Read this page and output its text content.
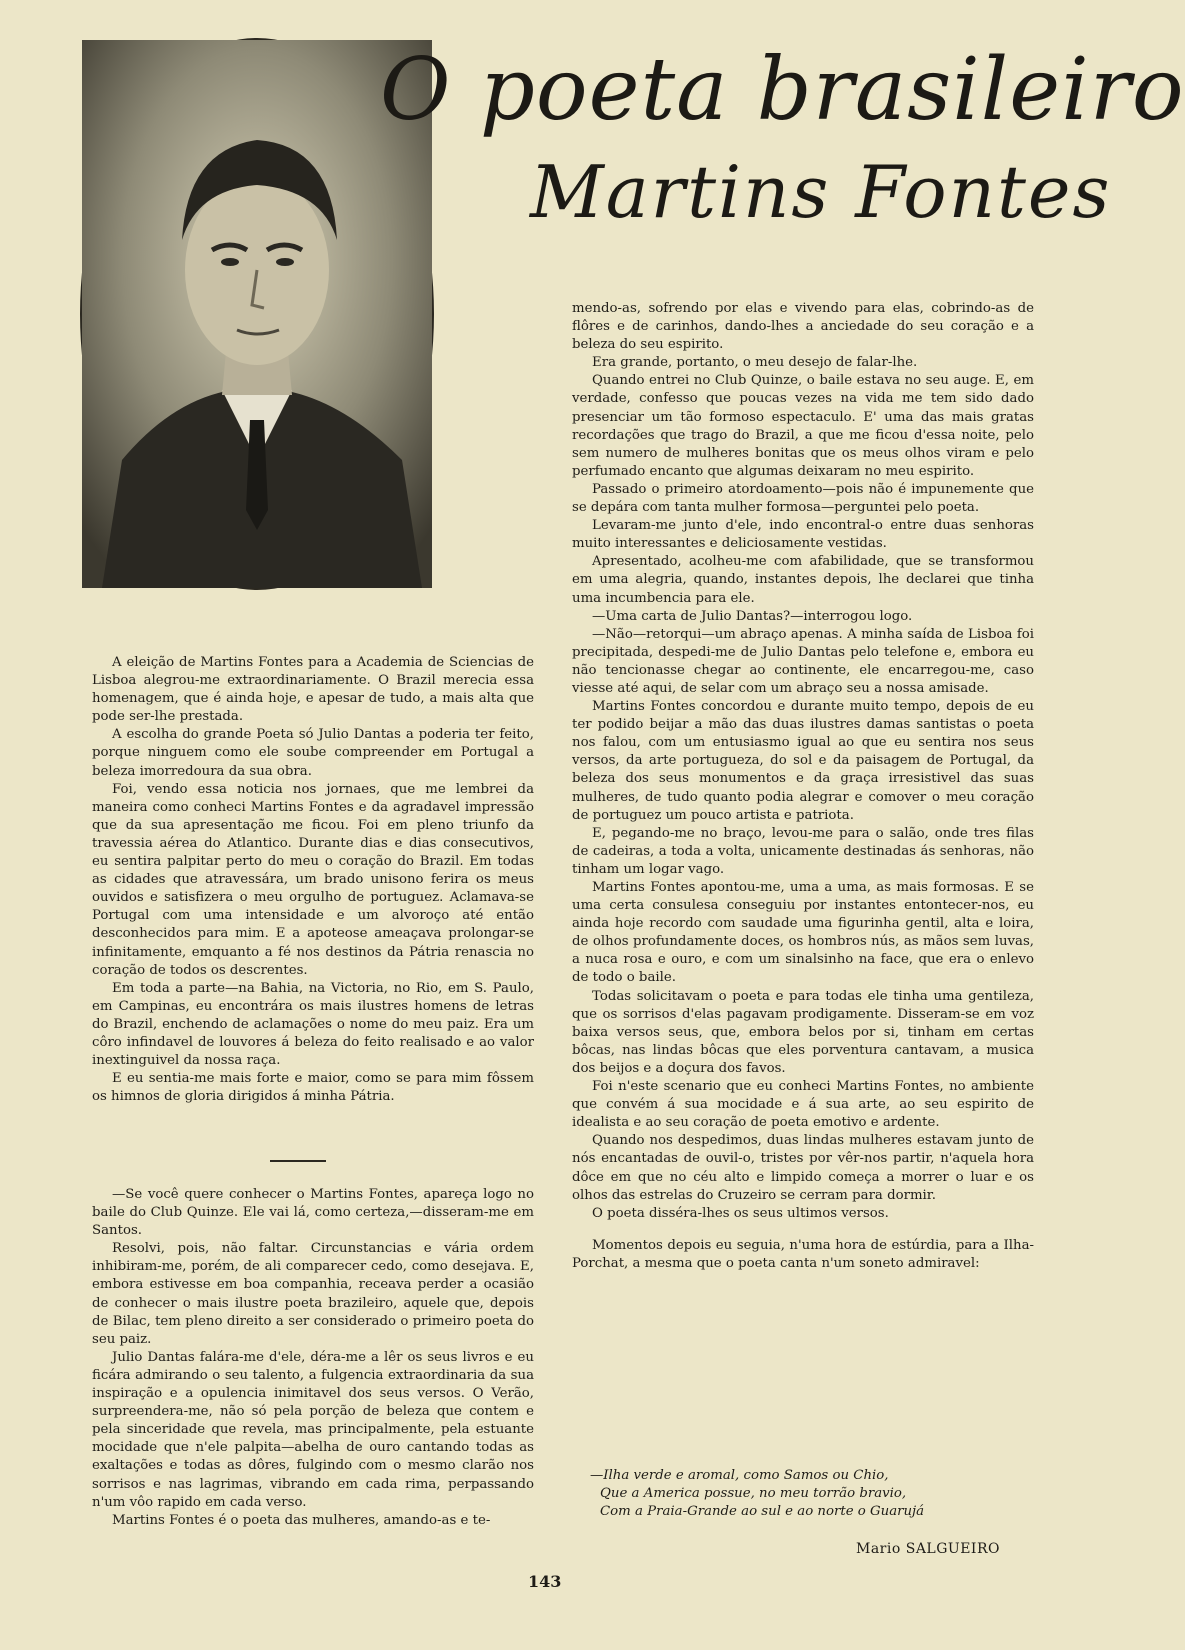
O poeta brasileiro
Martins Fontes

A eleição de Martins Fontes para a Academia de Sciencias de Lisboa alegrou-me extraordinariamente. O Brazil merecia essa homenagem, que é ainda hoje, e apesar de tudo, a mais alta que pode ser-lhe prestada.

A escolha do grande Poeta só Julio Dantas a poderia ter feito, porque ninguem como ele soube compreender em Portugal a beleza imorredoura da sua obra.

Foi, vendo essa noticia nos jornaes, que me lembrei da maneira como conheci Martins Fontes e da agradavel impressão que da sua apresentação me ficou. Foi em pleno triunfo da travessia aérea do Atlantico. Durante dias e dias consecutivos, eu sentira palpitar perto do meu o coração do Brazil. Em todas as cidades que atravessára, um brado unisono ferira os meus ouvidos e satisfizera o meu orgulho de portuguez. Aclamava-se Portugal com uma intensidade e um alvoroço até então desconhecidos para mim. E a apoteose ameaçava prolongar-se infinitamente, emquanto a fé nos destinos da Pátria renascia no coração de todos os descrentes.

Em toda a parte—na Bahia, na Victoria, no Rio, em S. Paulo, em Campinas, eu encontrára os mais ilustres homens de letras do Brazil, enchendo de aclamações o nome do meu paiz. Era um côro infindavel de louvores á beleza do feito realisado e ao valor inextinguivel da nossa raça.

E eu sentia-me mais forte e maior, como se para mim fôssem os himnos de gloria dirigidos á minha Pátria.

—Se você quere conhecer o Martins Fontes, apareça logo no baile do Club Quinze. Ele vai lá, como certeza,—disseram-me em Santos.

Resolvi, pois, não faltar. Circunstancias e vária ordem inhibiram-me, porém, de ali comparecer cedo, como desejava. E, embora estivesse em boa companhia, receava perder a ocasião de conhecer o mais ilustre poeta brazileiro, aquele que, depois de Bilac, tem pleno direito a ser considerado o primeiro poeta do seu paiz.

Julio Dantas falára-me d'ele, déra-me a lêr os seus livros e eu ficára admirando o seu talento, a fulgencia extraordinaria da sua inspiração e a opulencia inimitavel dos seus versos. O Verão, surpreendera-me, não só pela porção de beleza que contem e pela sinceridade que revela, mas principalmente, pela estuante mocidade que n'ele palpita—abelha de ouro cantando todas as exaltações e todas as dôres, fulgindo com o mesmo clarão nos sorrisos e nas lagrimas, vibrando em cada rima, perpassando n'um vôo rapido em cada verso.

Martins Fontes é o poeta das mulheres, amando-as e te-

mendo-as, sofrendo por elas e vivendo para elas, cobrindo-as de flôres e de carinhos, dando-lhes a anciedade do seu coração e a beleza do seu espirito.

Era grande, portanto, o meu desejo de falar-lhe.

Quando entrei no Club Quinze, o baile estava no seu auge. E, em verdade, confesso que poucas vezes na vida me tem sido dado presenciar um tão formoso espectaculo. E' uma das mais gratas recordações que trago do Brazil, a que me ficou d'essa noite, pelo sem numero de mulheres bonitas que os meus olhos viram e pelo perfumado encanto que algumas deixaram no meu espirito.

Passado o primeiro atordoamento—pois não é impunemente que se depára com tanta mulher formosa—perguntei pelo poeta.

Levaram-me junto d'ele, indo encontral-o entre duas senhoras muito interessantes e deliciosamente vestidas.

Apresentado, acolheu-me com afabilidade, que se transformou em uma alegria, quando, instantes depois, lhe declarei que tinha uma incumbencia para ele.

—Uma carta de Julio Dantas?—interrogou logo.

—Não—retorqui—um abraço apenas. A minha saída de Lisboa foi precipitada, despedi-me de Julio Dantas pelo telefone e, embora eu não tencionasse chegar ao continente, ele encarregou-me, caso viesse até aqui, de selar com um abraço seu a nossa amisade.

Martins Fontes concordou e durante muito tempo, depois de eu ter podido beijar a mão das duas ilustres damas santistas o poeta nos falou, com um entusiasmo igual ao que eu sentira nos seus versos, da arte portugueza, do sol e da paisagem de Portugal, da beleza dos seus monumentos e da graça irresistivel das suas mulheres, de tudo quanto podia alegrar e comover o meu coração de portuguez um pouco artista e patriota.

E, pegando-me no braço, levou-me para o salão, onde tres filas de cadeiras, a toda a volta, unicamente destinadas ás senhoras, não tinham um logar vago.

Martins Fontes apontou-me, uma a uma, as mais formosas. E se uma certa consulesa conseguiu por instantes entontecer-nos, eu ainda hoje recordo com saudade uma figurinha gentil, alta e loira, de olhos profundamente doces, os hombros nús, as mãos sem luvas, a nuca rosa e ouro, e com um sinalsinho na face, que era o enlevo de todo o baile.

Todas solicitavam o poeta e para todas ele tinha uma gentileza, que os sorrisos d'elas pagavam prodigamente. Disseram-se em voz baixa versos seus, que, embora belos por si, tinham em certas bôcas, nas lindas bôcas que eles porventura cantavam, a musica dos beijos e a doçura dos favos.

Foi n'este scenario que eu conheci Martins Fontes, no ambiente que convém á sua mocidade e á sua arte, ao seu espirito de idealista e ao seu coração de poeta emotivo e ardente.

Quando nos despedimos, duas lindas mulheres estavam junto de nós encantadas de ouvil-o, tristes por vêr-nos partir, n'aquela hora dôce em que no céu alto e limpido começa a morrer o luar e os olhos das estrelas do Cruzeiro se cerram para dormir.

O poeta disséra-lhes os seus ultimos versos.

Momentos depois eu seguia, n'uma hora de estúrdia, para a Ilha-Porchat, a mesma que o poeta canta n'um soneto admiravel:

—Ilha verde e aromal, como Samos ou Chio,
Que a America possue, no meu torrão bravio,
Com a Praia-Grande ao sul e ao norte o Guarujá
Mario SALGUEIRO
143
